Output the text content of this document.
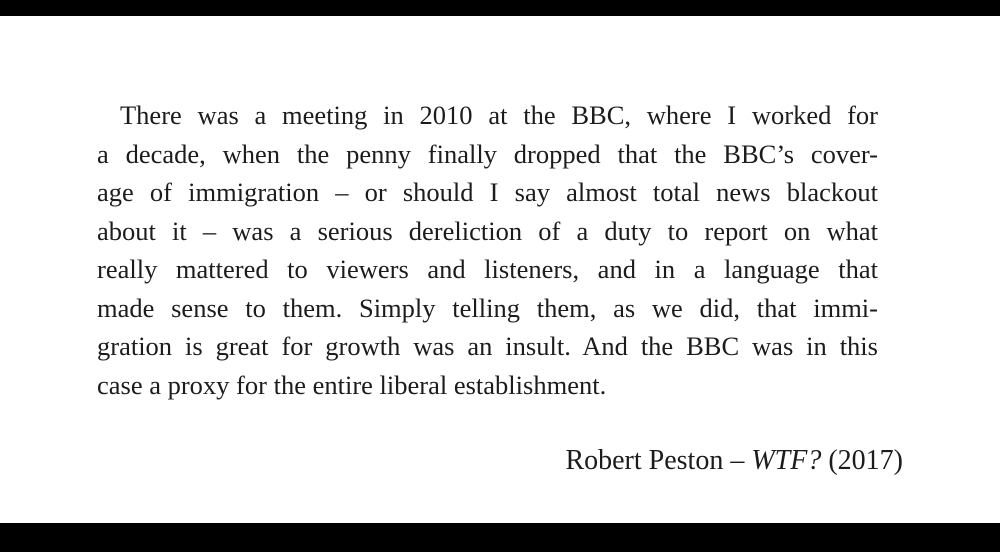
There was a meeting in 2010 at the BBC, where I worked for
a decade, when the penny finally dropped that the BBC’s cover-
age of immigration – or should I say almost total news blackout
about it – was a serious dereliction of a duty to report on what
really mattered to viewers and listeners, and in a language that
made sense to them. Simply telling them, as we did, that immi-
gration is great for growth was an insult. And the BBC was in this
case a proxy for the entire liberal establishment.
Robert Peston – WTF? (2017)
